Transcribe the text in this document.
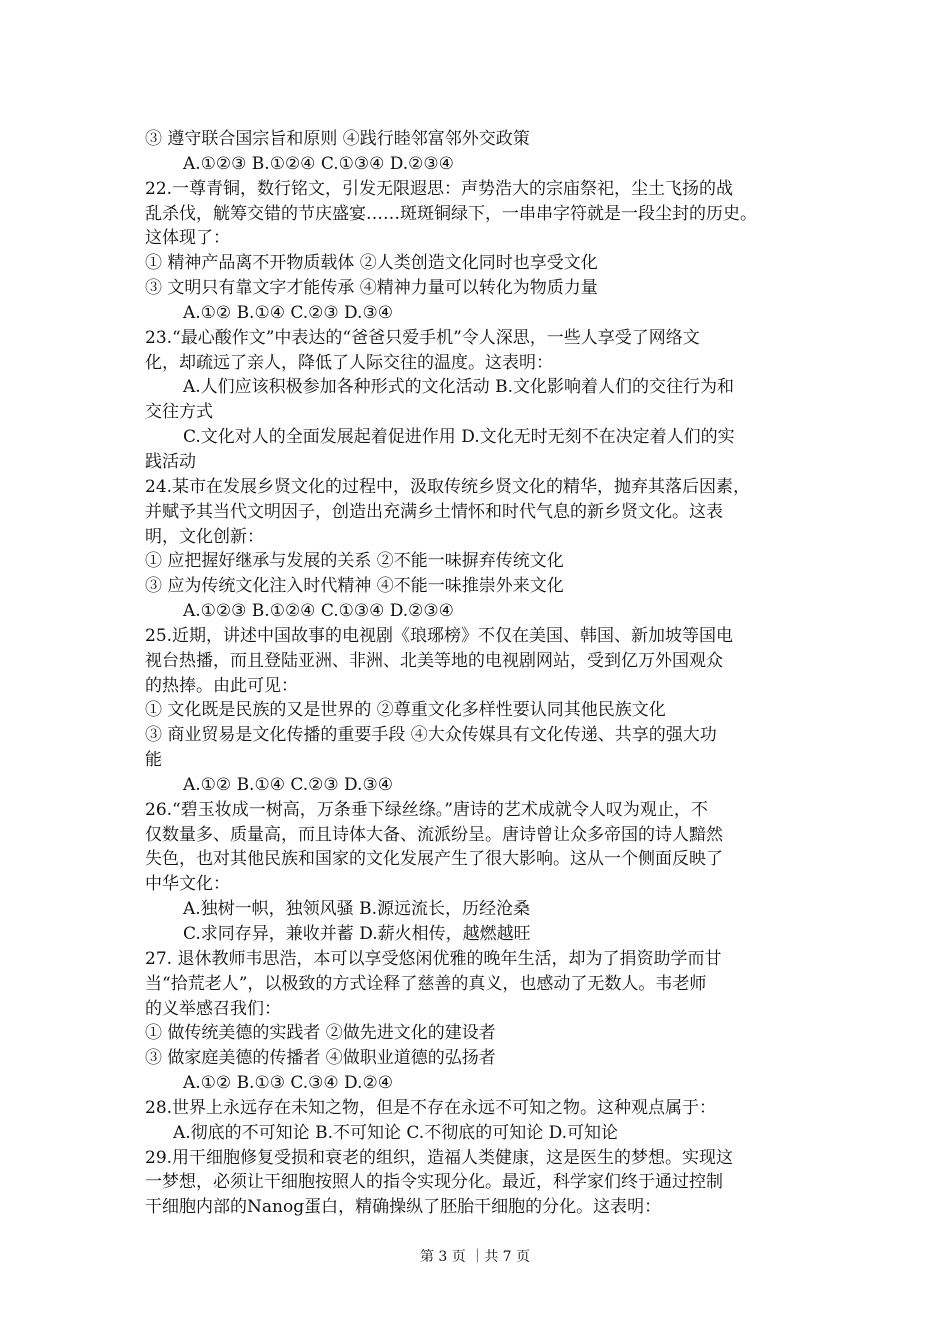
③ 遵守联合国宗旨和原则 ④践行睦邻富邻外交政策
A.①②③ B.①②④ C.①③④ D.②③④
22.一尊青铜，数行铭文，引发无限遐思：声势浩大的宗庙祭祀，尘土飞扬的战
乱杀伐，觥筹交错的节庆盛宴……斑斑铜绿下，一串串字符就是一段尘封的历史。
这体现了：
① 精神产品离不开物质载体 ②人类创造文化同时也享受文化
③ 文明只有靠文字才能传承 ④精神力量可以转化为物质力量
A.①② B.①④ C.②③ D.③④
23.“最心酸作文”中表达的“爸爸只爱手机”令人深思，一些人享受了网络文
化，却疏远了亲人，降低了人际交往的温度。这表明：
A.人们应该积极参加各种形式的文化活动 B.文化影响着人们的交往行为和
交往方式
C.文化对人的全面发展起着促进作用 D.文化无时无刻不在决定着人们的实
践活动
24.某市在发展乡贤文化的过程中，汲取传统乡贤文化的精华，抛弃其落后因素，
并赋予其当代文明因子，创造出充满乡土情怀和时代气息的新乡贤文化。这表
明，文化创新：
① 应把握好继承与发展的关系 ②不能一味摒弃传统文化
③ 应为传统文化注入时代精神 ④不能一味推崇外来文化
A.①②③ B.①②④ C.①③④ D.②③④
25.近期，讲述中国故事的电视剧《琅琊榜》不仅在美国、韩国、新加坡等国电
视台热播，而且登陆亚洲、非洲、北美等地的电视剧网站，受到亿万外国观众
的热捧。由此可见：
① 文化既是民族的又是世界的 ②尊重文化多样性要认同其他民族文化
③ 商业贸易是文化传播的重要手段 ④大众传媒具有文化传递、共享的强大功
能
A.①② B.①④ C.②③ D.③④
26.“碧玉妆成一树高，万条垂下绿丝绦。”唐诗的艺术成就令人叹为观止，不
仅数量多、质量高，而且诗体大备、流派纷呈。唐诗曾让众多帝国的诗人黯然
失色，也对其他民族和国家的文化发展产生了很大影响。这从一个侧面反映了
中华文化：
A.独树一帜，独领风骚 B.源远流长，历经沧桑
C.求同存异，兼收并蓄 D.薪火相传，越燃越旺
27. 退休教师韦思浩，本可以享受悠闲优雅的晚年生活，却为了捐资助学而甘
当“拾荒老人”，以极致的方式诠释了慈善的真义，也感动了无数人。韦老师
的义举感召我们：
① 做传统美德的实践者 ②做先进文化的建设者
③ 做家庭美德的传播者 ④做职业道德的弘扬者
A.①② B.①③ C.③④ D.②④
28.世界上永远存在未知之物，但是不存在永远不可知之物。这种观点属于：
A.彻底的不可知论 B.不可知论 C.不彻底的可知论 D.可知论
29.用干细胞修复受损和衰老的组织，造福人类健康，这是医生的梦想。实现这
一梦想，必须让干细胞按照人的指令实现分化。最近，科学家们终于通过控制
干细胞内部的Nanog蛋白，精确操纵了胚胎干细胞的分化。这表明：
第 3 页 ｜共 7 页
